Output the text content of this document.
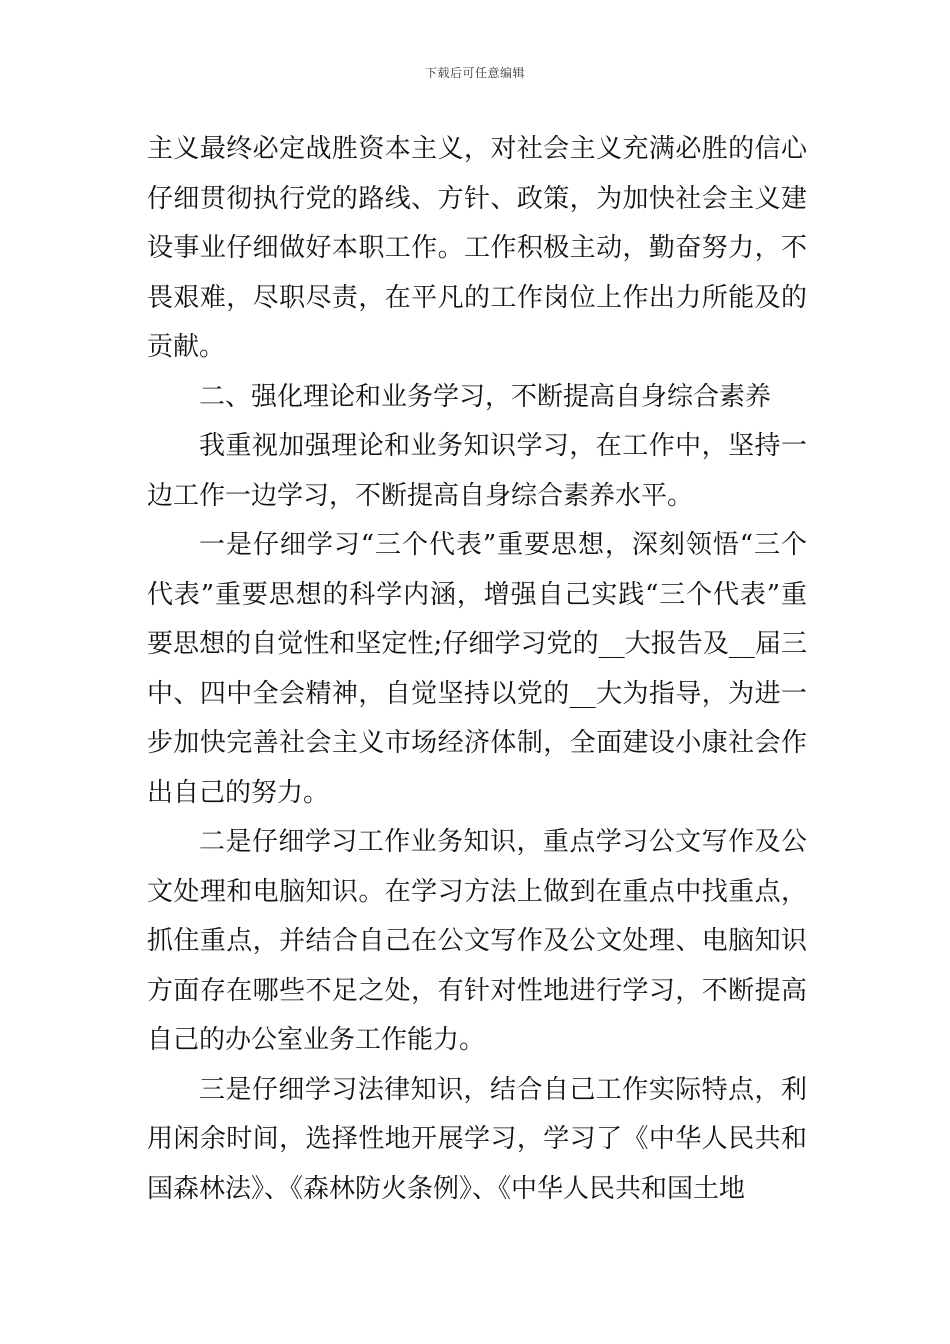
下载后可任意编辑

主义最终必定战胜资本主义，对社会主义充满必胜的信心仔细贯彻执行党的路线、方针、政策，为加快社会主义建设事业仔细做好本职工作。工作积极主动，勤奋努力，不畏艰难，尽职尽责，在平凡的工作岗位上作出力所能及的贡献。

二、强化理论和业务学习，不断提高自身综合素养

我重视加强理论和业务知识学习，在工作中，坚持一边工作一边学习，不断提高自身综合素养水平。

一是仔细学习“三个代表”重要思想，深刻领悟“三个代表”重要思想的科学内涵，增强自己实践“三个代表”重要思想的自觉性和坚定性;仔细学习党的__大报告及__届三中、四中全会精神，自觉坚持以党的__大为指导，为进一步加快完善社会主义市场经济体制，全面建设小康社会作出自己的努力。

二是仔细学习工作业务知识，重点学习公文写作及公文处理和电脑知识。在学习方法上做到在重点中找重点，抓住重点，并结合自己在公文写作及公文处理、电脑知识方面存在哪些不足之处，有针对性地进行学习，不断提高自己的办公室业务工作能力。

三是仔细学习法律知识，结合自己工作实际特点，利用闲余时间，选择性地开展学习，学习了《中华人民共和国森林法》、《森林防火条例》、《中华人民共和国土地
